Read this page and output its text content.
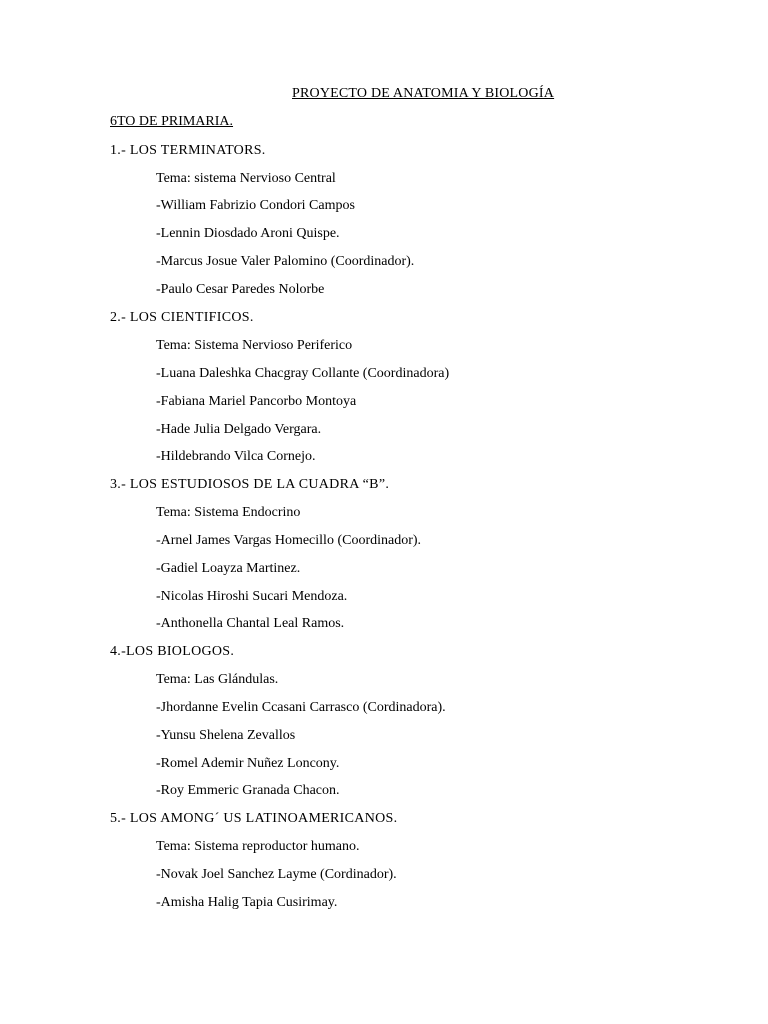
PROYECTO DE ANATOMIA Y BIOLOGÍA
6TO DE PRIMARIA.
1.- LOS TERMINATORS.
Tema: sistema Nervioso Central
-William Fabrizio Condori Campos
-Lennin Diosdado Aroni Quispe.
-Marcus Josue Valer Palomino (Coordinador).
-Paulo Cesar Paredes Nolorbe
2.- LOS CIENTIFICOS.
Tema: Sistema Nervioso Periferico
-Luana Daleshka Chacgray Collante (Coordinadora)
-Fabiana Mariel Pancorbo Montoya
-Hade Julia Delgado Vergara.
-Hildebrando Vilca Cornejo.
3.- LOS ESTUDIOSOS DE LA CUADRA “B”.
Tema: Sistema Endocrino
-Arnel James Vargas Homecillo (Coordinador).
-Gadiel Loayza Martinez.
-Nicolas Hiroshi Sucari Mendoza.
-Anthonella Chantal Leal Ramos.
4.-LOS BIOLOGOS.
Tema: Las Glándulas.
-Jhordanne Evelin Ccasani Carrasco (Cordinadora).
-Yunsu Shelena Zevallos
-Romel Ademir Nuñez Loncony.
-Roy Emmeric Granada Chacon.
5.- LOS AMONG´ US LATINOAMERICANOS.
Tema: Sistema reproductor humano.
-Novak Joel Sanchez Layme (Cordinador).
-Amisha Halig Tapia Cusirimay.
